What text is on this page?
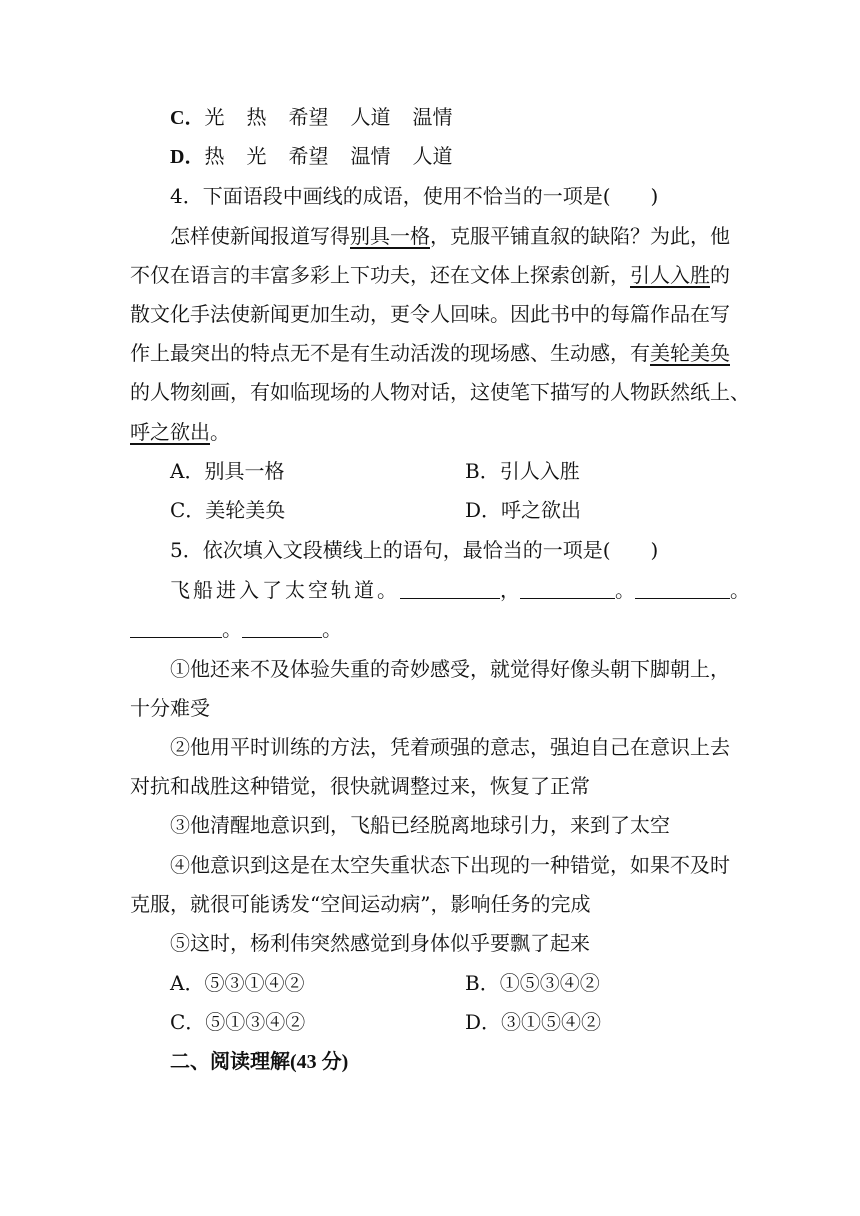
C．光 热 希望 人道 温情
D．热 光 希望 温情 人道
4．下面语段中画线的成语，使用不恰当的一项是( )
怎样使新闻报道写得别具一格，克服平铺直叙的缺陷？为此，他
不仅在语言的丰富多彩上下功夫，还在文体上探索创新，引人入胜的
散文化手法使新闻更加生动，更令人回味。因此书中的每篇作品在写
作上最突出的特点无不是有生动活泼的现场感、生动感，有美轮美奂
的人物刻画，有如临现场的人物对话，这使笔下描写的人物跃然纸上、
呼之欲出。
A．别具一格	B．引人入胜
C．美轮美奂	D．呼之欲出
5．依次填入文段横线上的语句，最恰当的一项是( )
飞船进入了太空轨道。	，	。	。
。	。
①他还来不及体验失重的奇妙感受，就觉得好像头朝下脚朝上，
十分难受
②他用平时训练的方法，凭着顽强的意志，强迫自己在意识上去
对抗和战胜这种错觉，很快就调整过来，恢复了正常
③他清醒地意识到，飞船已经脱离地球引力，来到了太空
④他意识到这是在太空失重状态下出现的一种错觉，如果不及时
克服，就很可能诱发“空间运动病”，影响任务的完成
⑤这时，杨利伟突然感觉到身体似乎要飘了起来
A．⑤③①④②	B．①⑤③④②
C．⑤①③④②	D．③①⑤④②
二、阅读理解(43 分)
